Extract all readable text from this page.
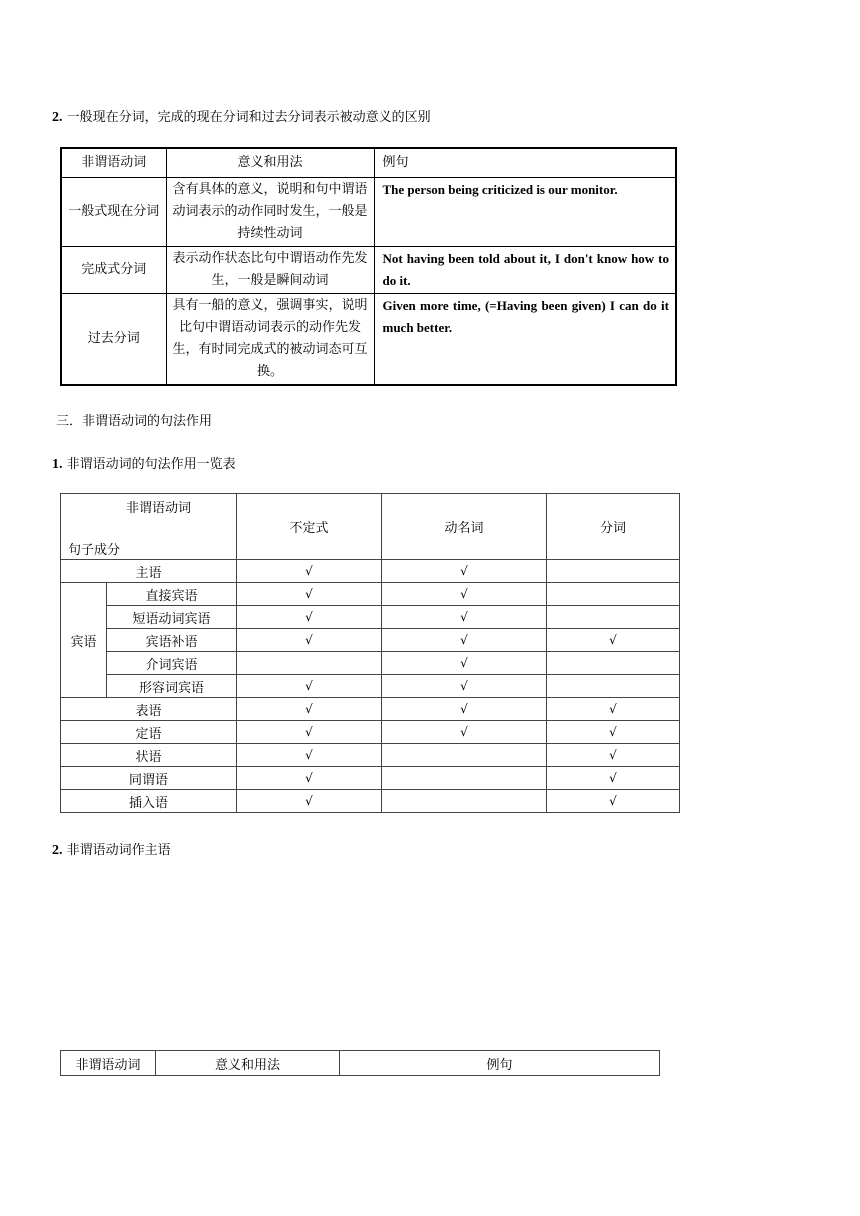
2. 一般现在分词，完成的现在分词和过去分词表示被动意义的区别
非谓语动词	意义和用法	例句
一般式现在分词	含有具体的意义，说明和句中谓语动词表示的动作同时发生，一般是持续性动词	The person being criticized is our monitor.
完成式分词	表示动作状态比句中谓语动作先发生，一般是瞬间动词	Not having been told about it, I don't know how to do it.
过去分词	具有一船的意义，强调事实，说明比句中谓语动词表示的动作先发生，有时同完成式的被动词态可互换。	Given more time, (=Having been given) I can do it much better.
三．非谓语动词的句法作用
1. 非谓语动词的句法作用一览表
非谓语动词
句子成分		不定式	动名词	分词
主语		√	√	
宾语	直接宾语	√	√	
	短语动词宾语	√	√	
	宾语补语	√	√	√
	介词宾语		√	
	形容词宾语	√	√	
表语		√	√	√
定语		√	√	√
状语		√		√
同谓语		√		√
插入语		√		√
2. 非谓语动词作主语
非谓语动词	意义和用法	例句
